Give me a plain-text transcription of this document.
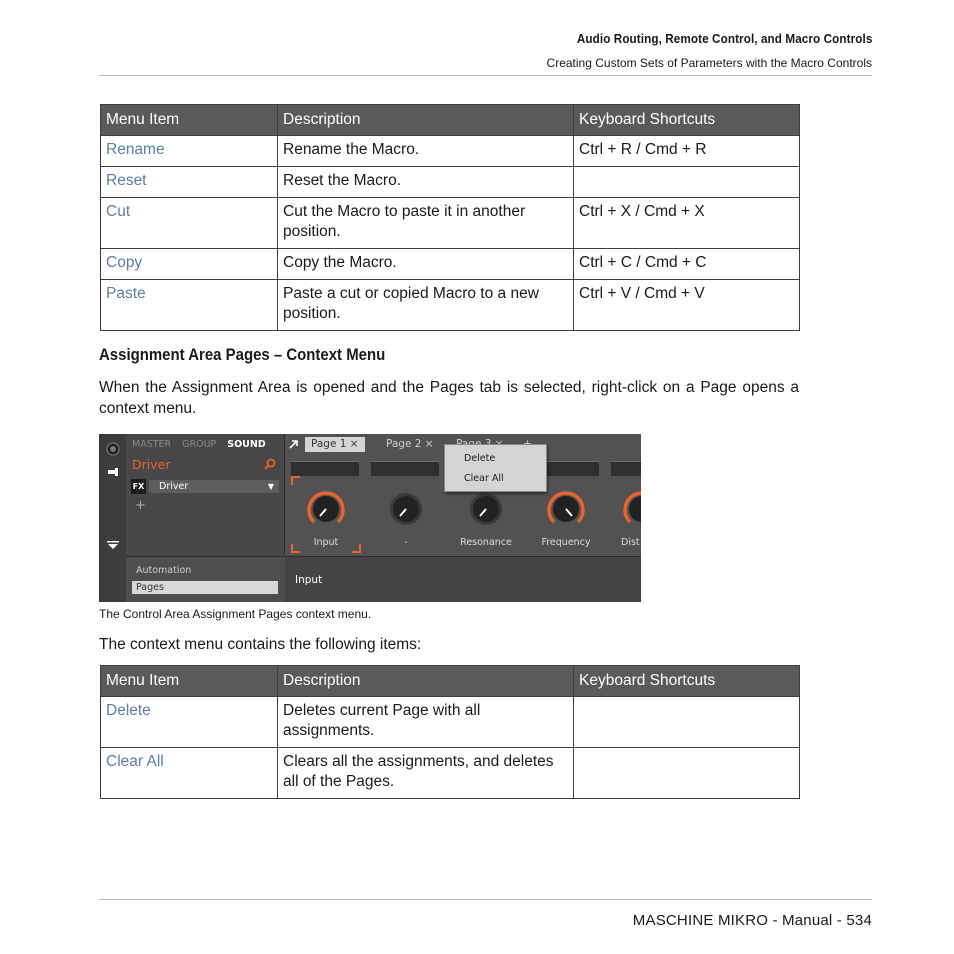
Audio Routing, Remote Control, and Macro Controls
Creating Custom Sets of Parameters with the Macro Controls
Menu Item	Description	Keyboard Shortcuts
Rename	Rename the Macro.	Ctrl + R / Cmd + R
Reset	Reset the Macro.	
Cut	Cut the Macro to paste it in another position.	Ctrl + X / Cmd + X
Copy	Copy the Macro.	Ctrl + C / Cmd + C
Paste	Paste a cut or copied Macro to a new position.	Ctrl + V / Cmd + V
Assignment Area Pages – Context Menu
When the Assignment Area is opened and the Pages tab is selected, right-click on a Page opens a context menu.
MASTER GROUP SOUND
Driver
FX	Driver	▼
+
Automation
Pages
Page 1 ×	Page 2 ×
Input	-	Resonance	Frequency	Dist
Delete
Clear All
Input
The Control Area Assignment Pages context menu.
The context menu contains the following items:
Menu Item	Description	Keyboard Shortcuts
Delete	Deletes current Page with all assignments.	
Clear All	Clears all the assignments, and deletes all of the Pages.	
MASCHINE MIKRO - Manual - 534
